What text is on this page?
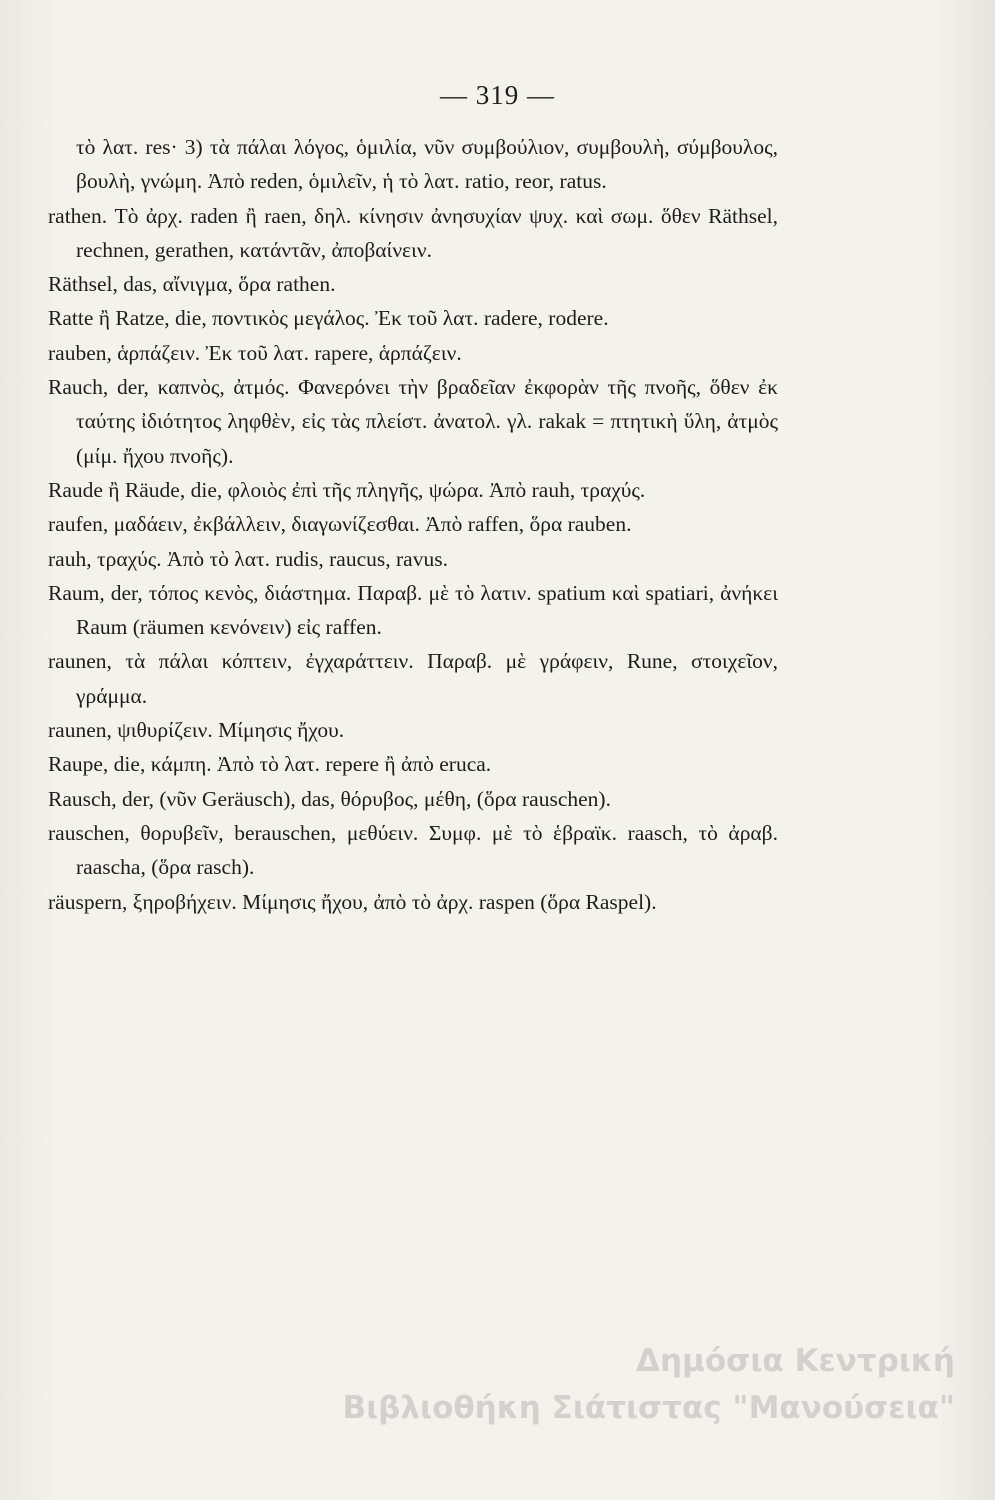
— 319 —

τὸ λατ. res· 3) τὰ πάλαι λόγος, ὁμιλία, νῦν συμβούλιον, συμβουλὴ, σύμβουλος, βουλὴ, γνώμη. Ἀπὸ reden, ὁμιλεῖν, ἡ τὸ λατ. ratio, reor, ratus.

rathen. Τὸ ἀρχ. raden ἢ raen, δηλ. κίνησιν ἀνησυχίαν ψυχ. καὶ σωμ. ὅθεν Räthsel, rechnen, gerathen, κατάντᾶν, ἀποβαίνειν.

Räthsel, das, αἴνιγμα, ὅρα rathen.

Ratte ἢ Ratze, die, ποντικὸς μεγάλος. Ἐκ τοῦ λατ. radere, rodere.

rauben, ἁρπάζειν. Ἐκ τοῦ λατ. rapere, ἁρπάζειν.

Rauch, der, καπνὸς, ἀτμός. Φανερόνει τὴν βραδεῖαν ἐκφορὰν τῆς πνοῆς, ὅθεν ἐκ ταύτης ἰδιότητος ληφθὲν, εἰς τὰς πλείστ. ἀνατολ. γλ. rakak = πτητικὴ ὕλη, ἀτμὸς (μίμ. ἤχου πνοῆς).

Raude ἢ Räude, die, φλοιὸς ἐπὶ τῆς πληγῆς, ψώρα. Ἀπὸ rauh, τραχύς.

raufen, μαδάειν, ἐκβάλλειν, διαγωνίζεσθαι. Ἀπὸ raffen, ὅρα rauben.

rauh, τραχύς. Ἀπὸ τὸ λατ. rudis, raucus, ravus.

Raum, der, τόπος κενὸς, διάστημα. Παραβ. μὲ τὸ λατιν. spatium καὶ spatiari, ἀνήκει Raum (räumen κενόνειν) εἰς raffen.

raunen, τὰ πάλαι κόπτειν, ἐγχαράττειν. Παραβ. μὲ γράφειν, Rune, στοιχεῖον, γράμμα.

raunen, ψιθυρίζειν. Μίμησις ἤχου.

Raupe, die, κάμπη. Ἀπὸ τὸ λατ. repere ἢ ἀπὸ eruca.

Rausch, der, (νῦν Geräusch), das, θόρυβος, μέθη, (ὅρα rauschen).

rauschen, θορυβεῖν, berauschen, μεθύειν. Συμφ. μὲ τὸ ἑβραϊκ. raasch, τὸ ἀραβ. raascha, (ὅρα rasch).

räuspern, ξηροβήχειν. Μίμησις ἤχου, ἀπὸ τὸ ἀρχ. raspen (ὅρα Raspel).

Δημόσια Κεντρική
Βιβλιοθήκη Σιάτιστας "Μανούσεια"
